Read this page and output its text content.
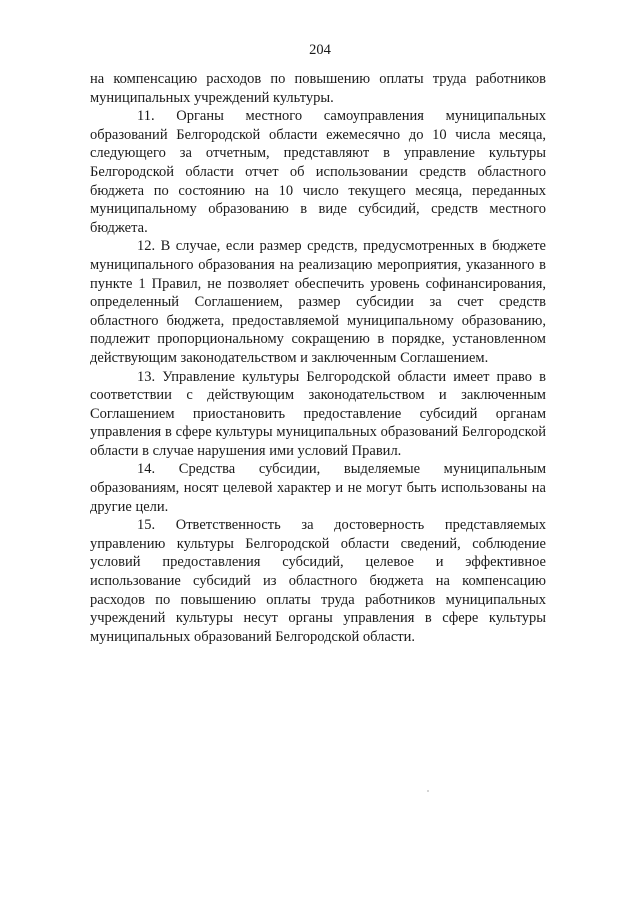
204

на компенсацию расходов по повышению оплаты труда работников муниципальных учреждений культуры.

11. Органы местного самоуправления муниципальных образований Белгородской области ежемесячно до 10 числа месяца, следующего за отчетным, представляют в управление культуры Белгородской области отчет об использовании средств областного бюджета по состоянию на 10 число текущего месяца, переданных муниципальному образованию в виде субсидий, средств местного бюджета.

12. В случае, если размер средств, предусмотренных в бюджете муниципального образования на реализацию мероприятия, указанного в пункте 1 Правил, не позволяет обеспечить уровень софинансирования, определенный Соглашением, размер субсидии за счет средств областного бюджета, предоставляемой муниципальному образованию, подлежит пропорциональному сокращению в порядке, установленном действующим законодательством и заключенным Соглашением.

13. Управление культуры Белгородской области имеет право в соответствии с действующим законодательством и заключенным Соглашением приостановить предоставление субсидий органам управления в сфере культуры муниципальных образований Белгородской области в случае нарушения ими условий Правил.

14. Средства субсидии, выделяемые муниципальным образованиям, носят целевой характер и не могут быть использованы на другие цели.

15. Ответственность за достоверность представляемых управлению культуры Белгородской области сведений, соблюдение условий предоставления субсидий, целевое и эффективное использование субсидий из областного бюджета на компенсацию расходов по повышению оплаты труда работников муниципальных учреждений культуры несут органы управления в сфере культуры муниципальных образований Белгородской области.
